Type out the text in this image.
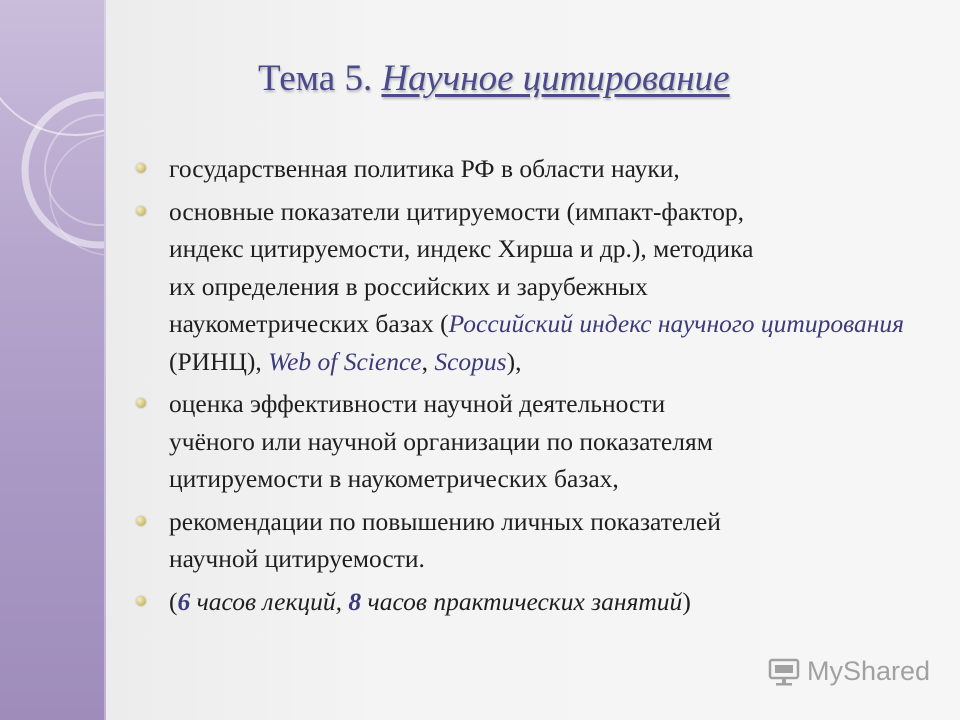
Тема 5. Научное цитирование
государственная политика РФ в области науки,
основные показатели цитируемости (импакт-фактор,
индекс цитируемости, индекс Хирша и др.), методика
их определения в российских и зарубежных
наукометрических базах (Российский индекс научного цитирования (РИНЦ), Web of Science, Scopus),
оценка эффективности научной деятельности
учёного или научной организации по показателям
цитируемости в наукометрических базах,
рекомендации по повышению личных показателей
научной цитируемости.
(6 часов лекций, 8 часов практических занятий)
MyShared
